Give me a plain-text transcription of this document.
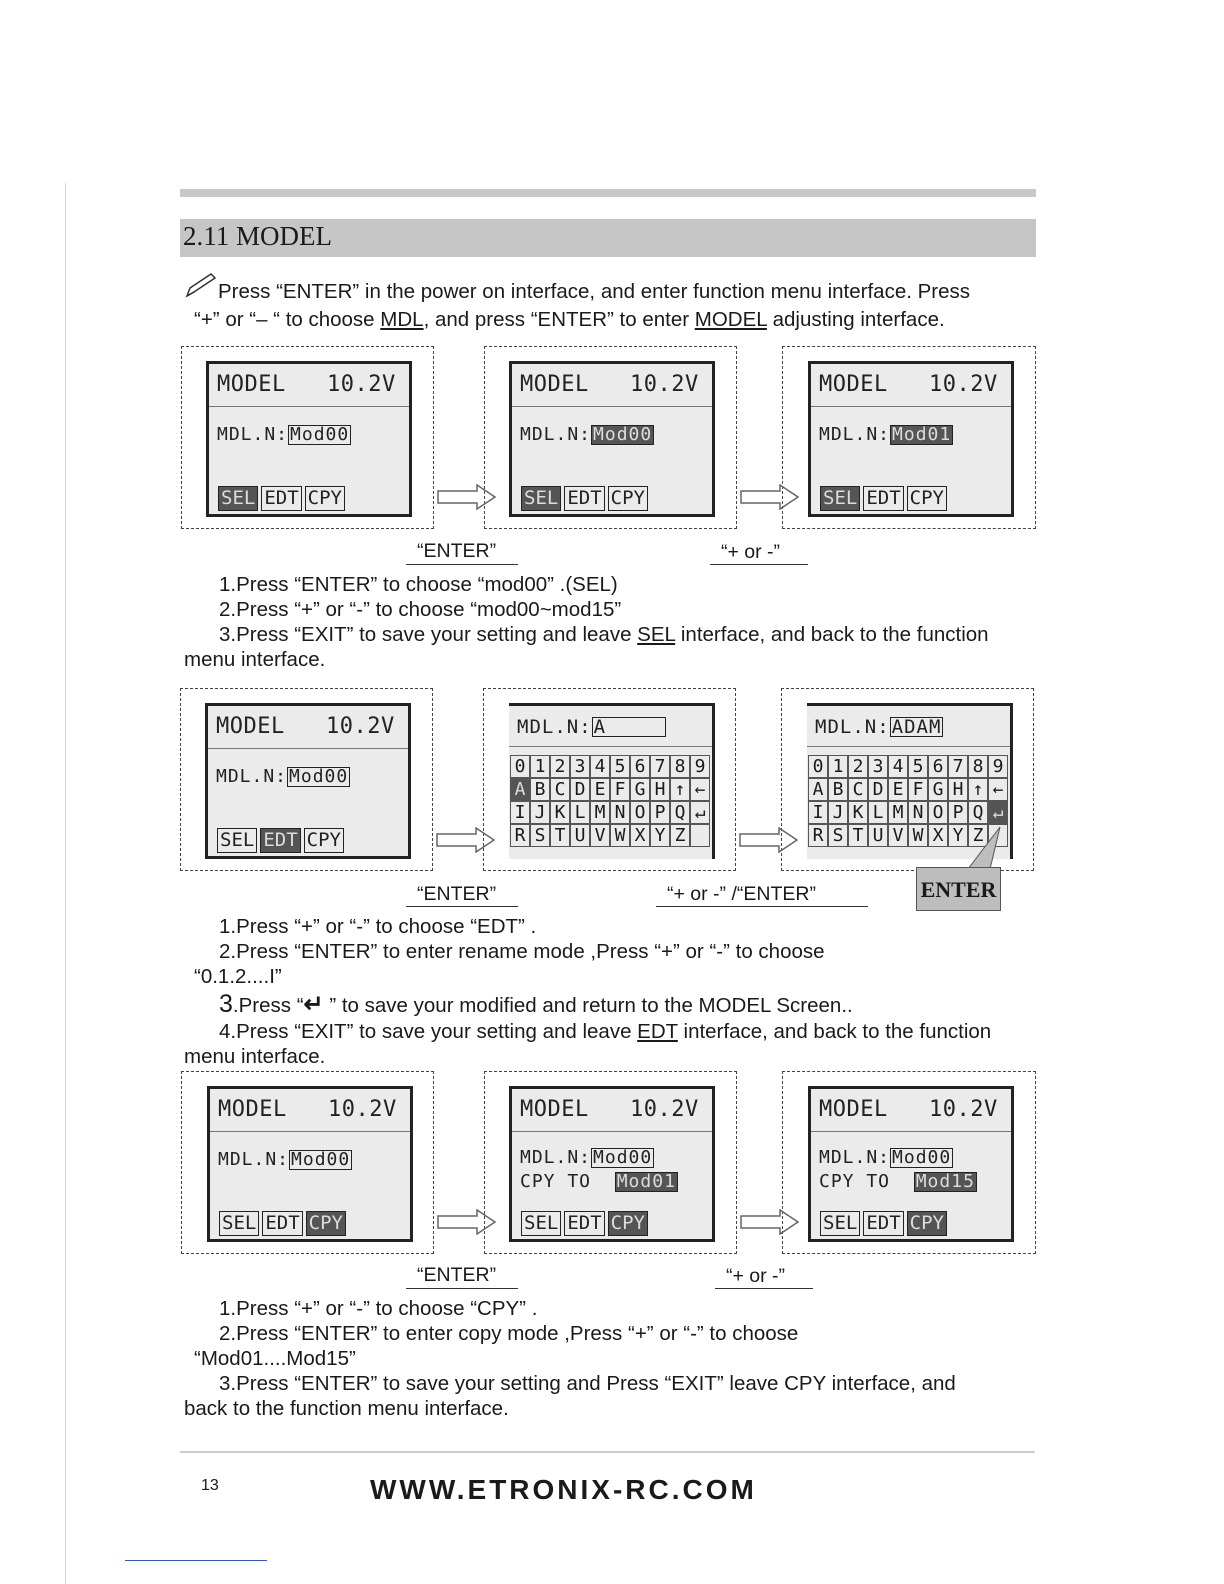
2.11 MODEL
Press “ENTER” in the power on interface, and enter function menu interface. Press
“+” or “– “ to choose MDL, and press “ENTER” to enter MODEL adjusting interface.
MODEL 10.2V
MDL.N: Mod00
SEL EDT CPY
MODEL 10.2V
MDL.N: Mod00
SEL EDT CPY
MODEL 10.2V
MDL.N: Mod01
SEL EDT CPY
“ENTER”	“+ or -”
1.Press “ENTER” to choose “mod00” .(SEL)
2.Press “+” or “-” to choose “mod00~mod15”
3.Press “EXIT” to save your setting and leave SEL interface, and back to the function
menu interface.
MODEL 10.2V
MDL.N: Mod00
SEL EDT CPY
MDL.N: A
0 1 2 3 4 5 6 7 8 9
A B C D E F G H ↑ ←
I J K L M N O P Q ↵
R S T U V W X Y Z
MDL.N: ADAM
0 1 2 3 4 5 6 7 8 9
A B C D E F G H ↑ ←
I J K L M N O P Q ↵
R S T U V W X Y Z
ENTER
“ENTER”	“+ or -” /“ENTER”
1.Press “+” or “-” to choose “EDT” .
2.Press “ENTER” to enter rename mode ,Press “+” or “-” to choose
“0.1.2....I”
3.Press “↵ ” to save your modified and return to the MODEL Screen..
4.Press “EXIT” to save your setting and leave EDT interface, and back to the function
menu interface.
MODEL 10.2V
MDL.N: Mod00
SEL EDT CPY
MODEL 10.2V
MDL.N: Mod00
CPY TO Mod01
SEL EDT CPY
MODEL 10.2V
MDL.N: Mod00
CPY TO Mod15
SEL EDT CPY
“ENTER”	“+ or -”
1.Press “+” or “-” to choose “CPY” .
2.Press “ENTER” to enter copy mode ,Press “+” or “-” to choose
“Mod01....Mod15”
3.Press “ENTER” to save your setting and Press “EXIT” leave CPY interface, and
back to the function menu interface.
13	WWW.ETRONIX-RC.COM
